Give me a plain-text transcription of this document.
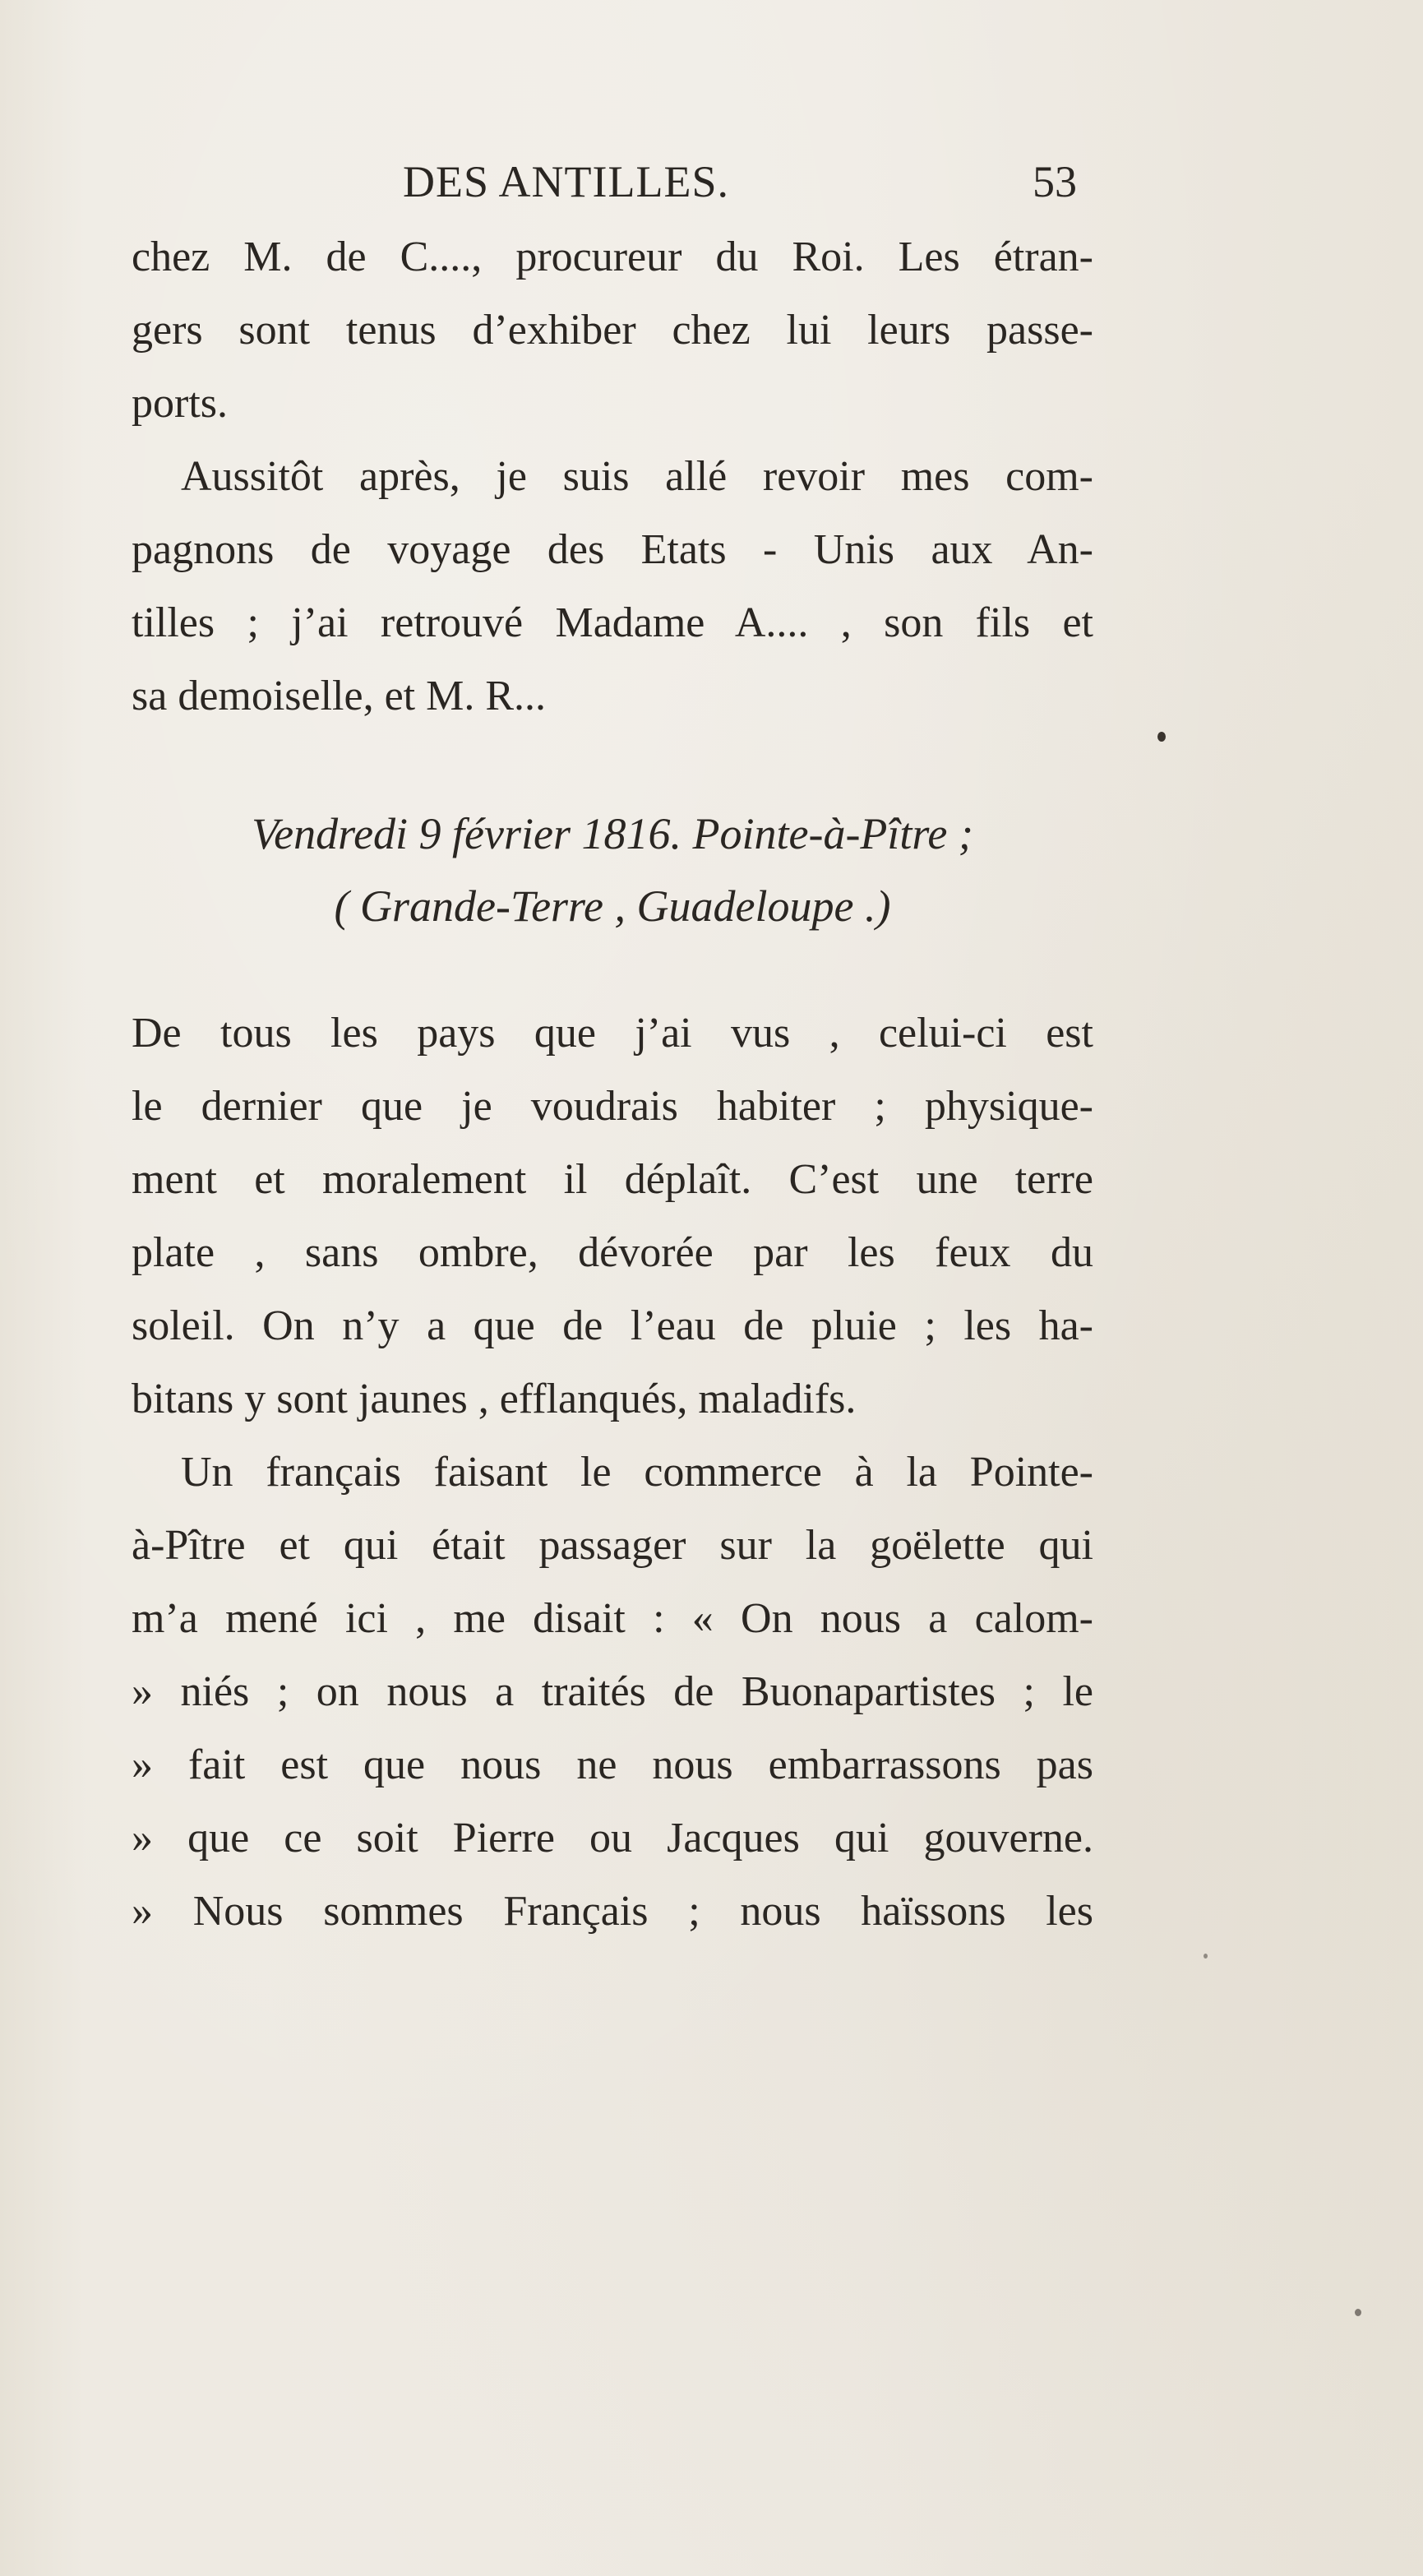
DES ANTILLES.	53
chez M. de C...., procureur du Roi. Les étran-
gers sont tenus d’exhiber chez lui leurs passe-
ports.
Aussitôt après, je suis allé revoir mes com-
pagnons de voyage des Etats - Unis aux An-
tilles ; j’ai retrouvé Madame A.... , son fils et
sa demoiselle, et M. R...
Vendredi 9 février 1816. Pointe-à-Pître ;
( Grande-Terre , Guadeloupe .)
De tous les pays que j’ai vus , celui-ci est
le dernier que je voudrais habiter ; physique-
ment et moralement il déplaît. C’est une terre
plate , sans ombre, dévorée par les feux du
soleil. On n’y a que de l’eau de pluie ; les ha-
bitans y sont jaunes , efflanqués, maladifs.
Un français faisant le commerce à la Pointe-
à-Pître et qui était passager sur la goëlette qui
m’a mené ici , me disait : « On nous a calom-
» niés ; on nous a traités de Buonapartistes ; le
» fait est que nous ne nous embarrassons pas
» que ce soit Pierre ou Jacques qui gouverne.
» Nous sommes Français ; nous haïssons les
